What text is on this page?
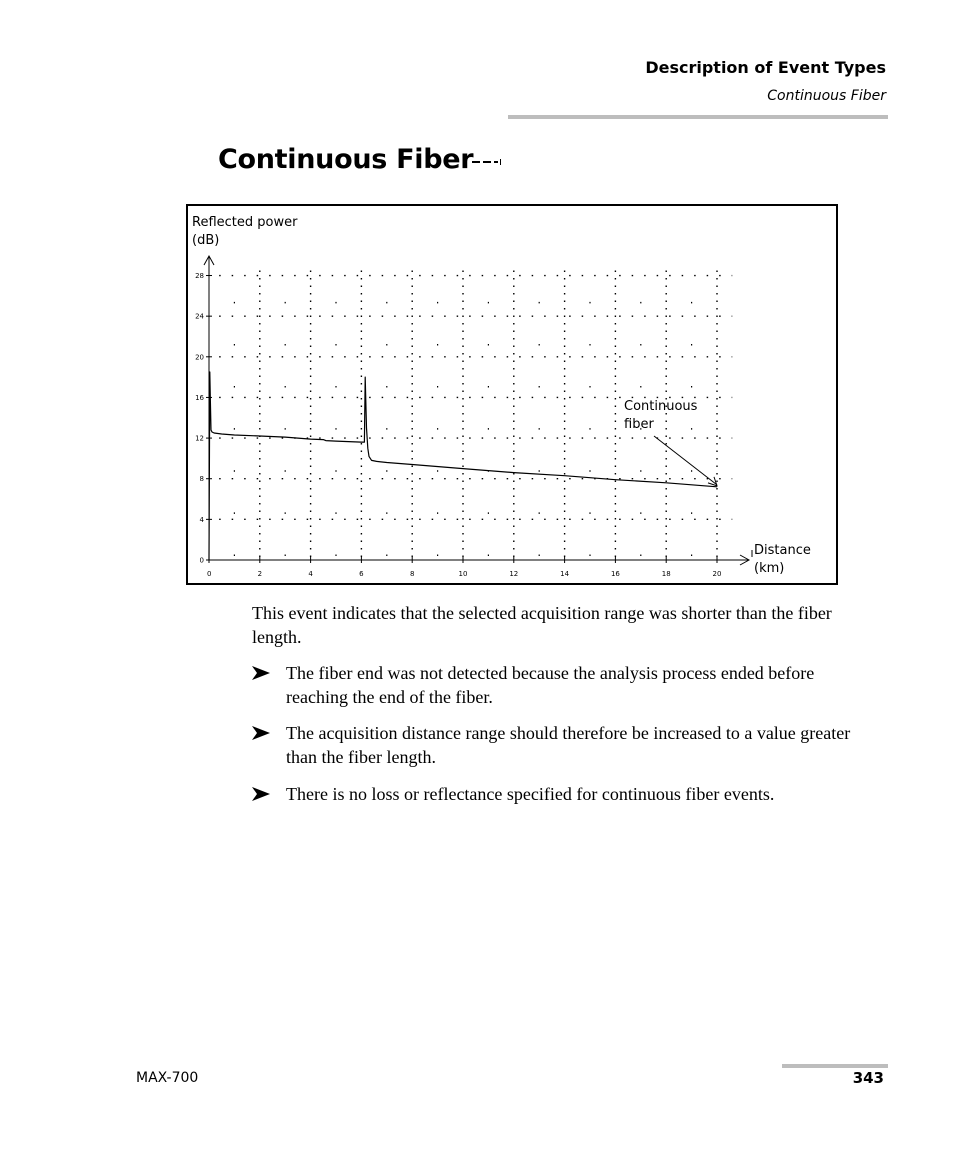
Description of Event Types
Continuous Fiber
Continuous Fiber
0	2	4	6	8	10	12	14	16	18	20
0
4
8
12
16
20
24
28
Reflected power
(dB)
Distance
(km)
Continuous
fiber

This event indicates that the selected acquisition range was shorter than the fiber length.

The fiber end was not detected because the analysis process ended before reaching the end of the fiber.
The acquisition distance range should therefore be increased to a value greater than the fiber length.
There is no loss or reflectance specified for continuous fiber events.
MAX-700	343
